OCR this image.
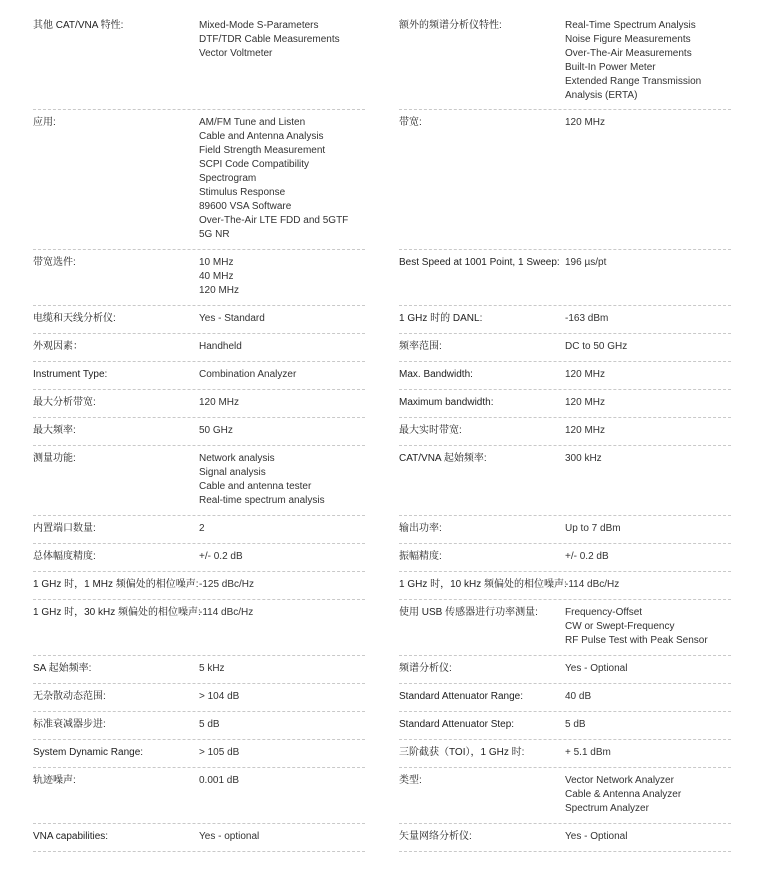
其他 CAT/VNA 特性:	Mixed-Mode S-Parameters
DTF/TDR Cable Measurements
Vector Voltmeter
应用:	AM/FM Tune and Listen
Cable and Antenna Analysis
Field Strength Measurement
SCPI Code Compatibility
Spectrogram
Stimulus Response
89600 VSA Software
Over-The-Air LTE FDD and 5GTF
5G NR
带宽选件:	10 MHz
40 MHz
120 MHz
电缆和天线分析仪:	Yes - Standard
外观因素：	Handheld
Instrument Type:	Combination Analyzer
最大分析带宽:	120 MHz
最大频率:	50 GHz
测量功能:	Network analysis
Signal analysis
Cable and antenna tester
Real-time spectrum analysis
内置端口数量:	2
总体幅度精度:	+/- 0.2 dB
1 GHz 时，1 MHz 频偏处的相位噪声: -125 dBc/Hz
1 GHz 时，30 kHz 频偏处的相位噪声:
-114 dBc/Hz
SA 起始频率:	5 kHz
无杂散动态范围:	> 104 dB
标准衰减器步进:	5 dB
System Dynamic Range:	> 105 dB
轨迹噪声:	0.001 dB
VNA capabilities:	Yes - optional
额外的频谱分析仪特性:	Real-Time Spectrum Analysis
Noise Figure Measurements
Over-The-Air Measurements
Built-In Power Meter
Extended Range Transmission
Analysis (ERTA)
带宽:	120 MHz
Best Speed at 1001 Point, 1 Sweep: 196 µs/pt
1 GHz 时的 DANL:	-163 dBm
频率范围:	DC to 50 GHz
Max. Bandwidth:	120 MHz
Maximum bandwidth:	120 MHz
最大实时带宽:	120 MHz
CAT/VNA 起始频率:	300 kHz
输出功率:	Up to 7 dBm
振幅精度:	+/- 0.2 dB
1 GHz 时，10 kHz 频偏处的相位噪声:
-114 dBc/Hz
使用 USB 传感器进行功率测量:	Frequency-Offset
CW or Swept-Frequency
RF Pulse Test with Peak Sensor
频谱分析仪:	Yes - Optional
Standard Attenuator Range:	40 dB
Standard Attenuator Step:	5 dB
三阶截获（TOI），1 GHz 时:	+ 5.1 dBm
类型:	Vector Network Analyzer
Cable & Antenna Analyzer
Spectrum Analyzer
矢量网络分析仪:	Yes - Optional
